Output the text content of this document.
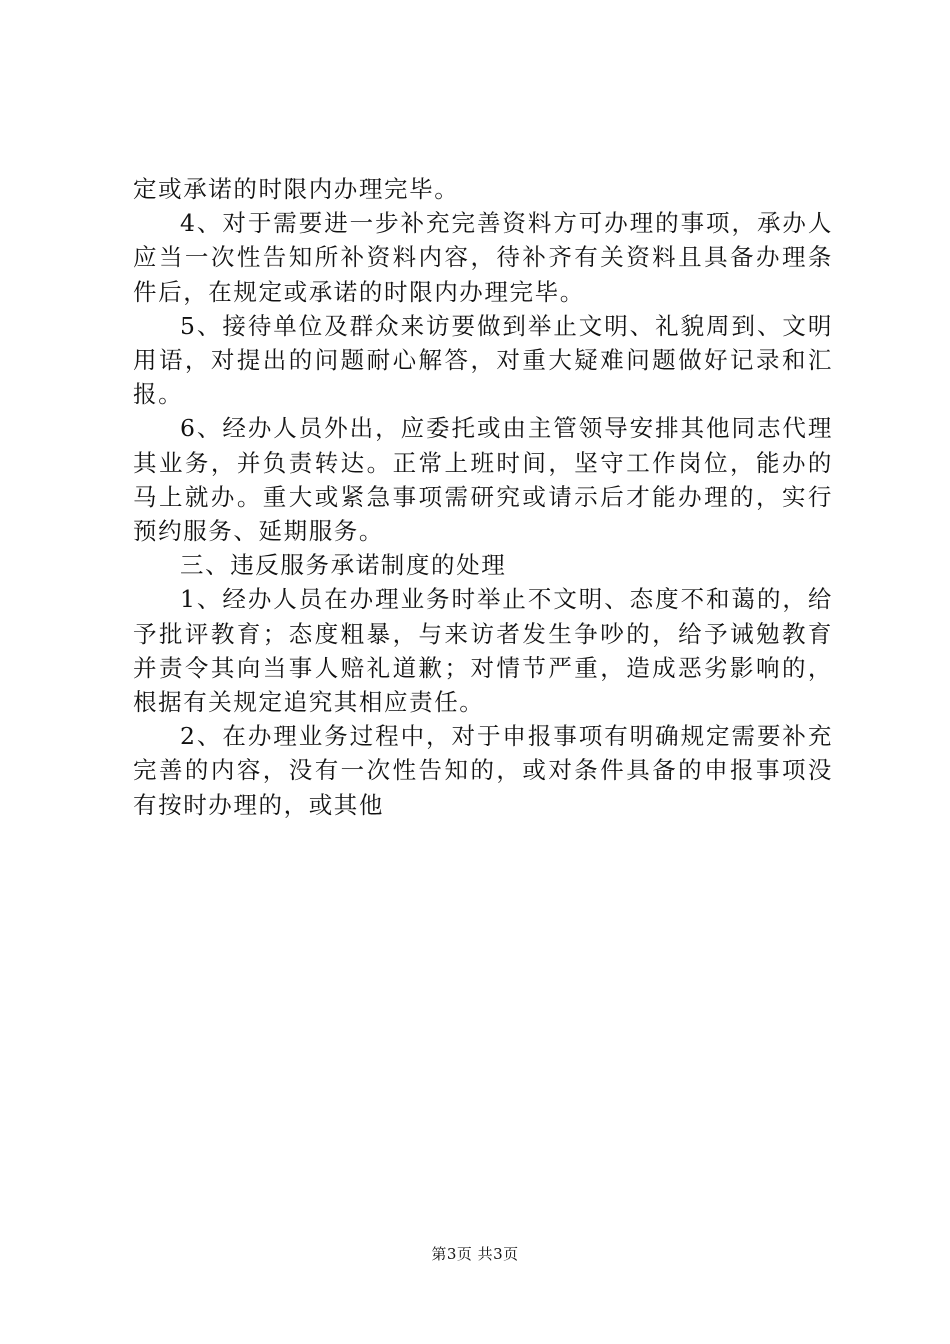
定或承诺的时限内办理完毕。

4、对于需要进一步补充完善资料方可办理的事项，承办人应当一次性告知所补资料内容，待补齐有关资料且具备办理条件后，在规定或承诺的时限内办理完毕。

5、接待单位及群众来访要做到举止文明、礼貌周到、文明用语，对提出的问题耐心解答，对重大疑难问题做好记录和汇报。

6、经办人员外出，应委托或由主管领导安排其他同志代理其业务，并负责转达。正常上班时间，坚守工作岗位，能办的马上就办。重大或紧急事项需研究或请示后才能办理的，实行预约服务、延期服务。

三、违反服务承诺制度的处理

1、经办人员在办理业务时举止不文明、态度不和蔼的，给予批评教育；态度粗暴，与来访者发生争吵的，给予诫勉教育并责令其向当事人赔礼道歉；对情节严重，造成恶劣影响的，根据有关规定追究其相应责任。

2、在办理业务过程中，对于申报事项有明确规定需要补充完善的内容，没有一次性告知的，或对条件具备的申报事项没有按时办理的，或其他

第3页 共3页
